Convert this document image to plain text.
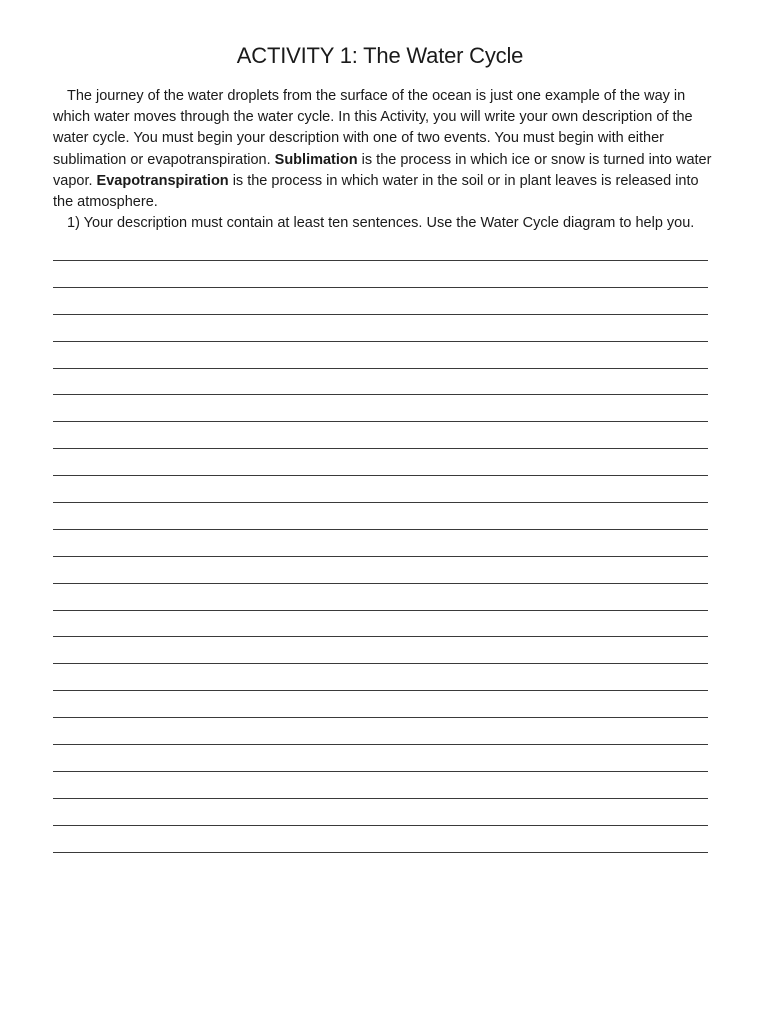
ACTIVITY 1: The Water Cycle

The journey of the water droplets from the surface of the ocean is just one example of the way in which water moves through the water cycle. In this Activity, you will write your own description of the water cycle. You must begin your description with one of two events. You must begin with either sublimation or evapotranspiration. Sublimation is the process in which ice or snow is turned into water vapor. Evapotranspiration is the process in which water in the soil or in plant leaves is released into the atmosphere.

1) Your description must contain at least ten sentences. Use the Water Cycle diagram to help you.
